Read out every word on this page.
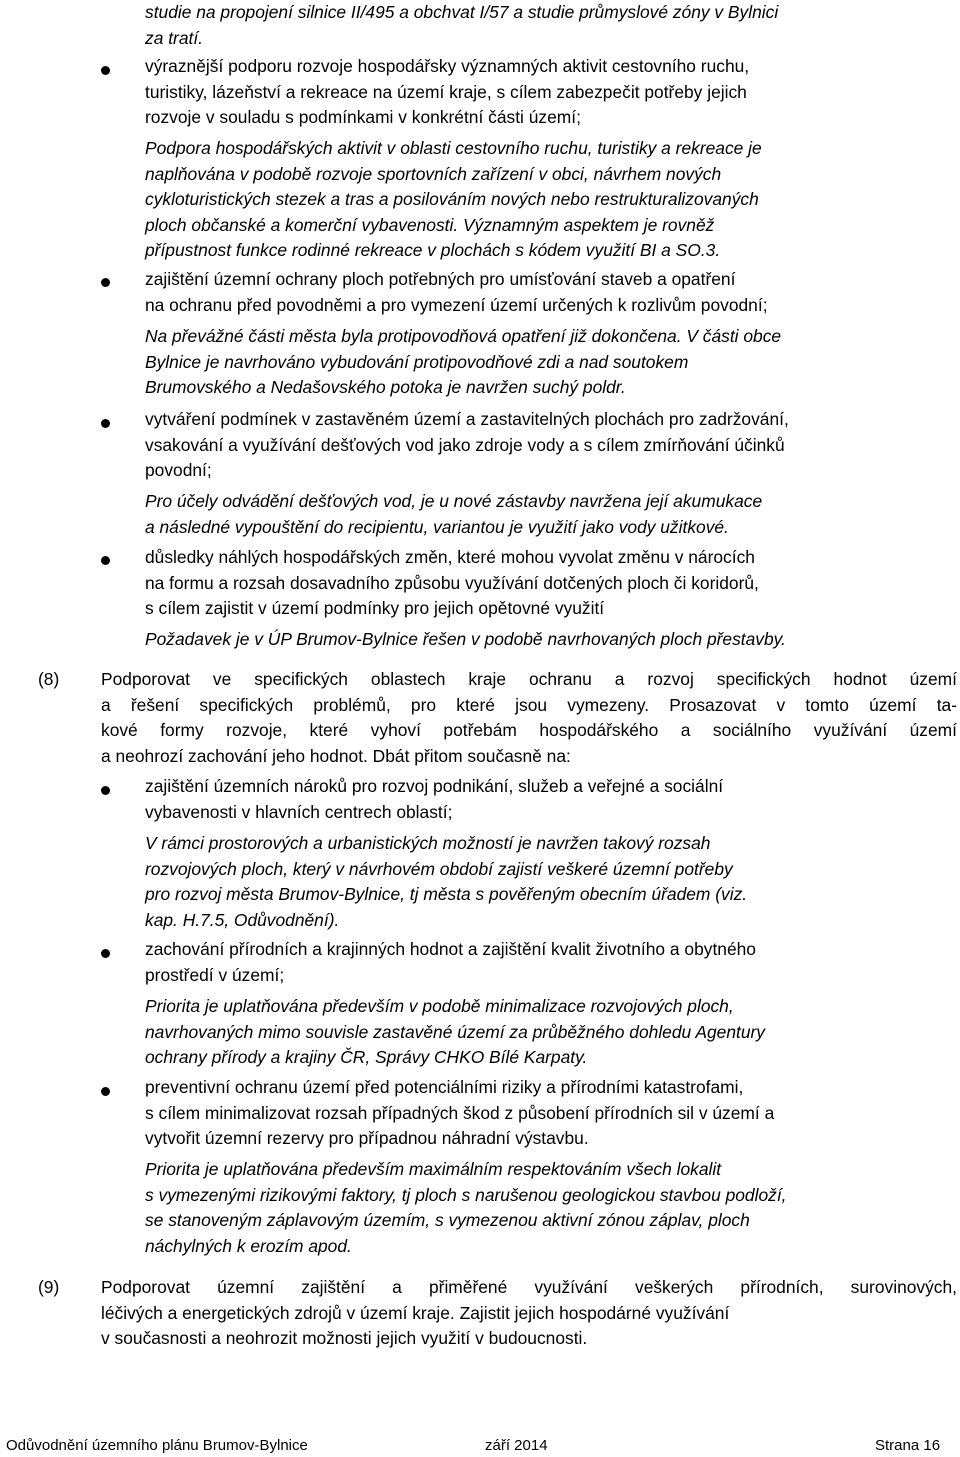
studie na propojení silnice II/495 a obchvat I/57 a studie průmyslové zóny v Bylnici
za tratí.
výraznější podporu rozvoje hospodářsky významných aktivit cestovního ruchu,
turistiky, lázeňství a rekreace na území kraje, s cílem zabezpečit potřeby jejich
rozvoje v souladu s podmínkami v konkrétní části území;
Podpora hospodářských aktivit v oblasti cestovního ruchu, turistiky a rekreace je
naplňována v podobě rozvoje sportovních zařízení v obci, návrhem nových
cykloturistických stezek a tras a posilováním nových nebo restrukturalizovaných
ploch občanské a komerční vybavenosti. Významným aspektem je rovněž
přípustnost funkce rodinné rekreace v plochách s kódem využití BI a SO.3.
zajištění územní ochrany ploch potřebných pro umísťování staveb a opatření
na ochranu před povodněmi a pro vymezení území určených k rozlivům povodní;
Na převážné části města byla protipovodňová opatření již dokončena. V části obce
Bylnice je navrhováno vybudování protipovodňové zdi a nad soutokem
Brumovského a Nedašovského potoka je navržen suchý poldr.
vytváření podmínek v zastavěném území a zastavitelných plochách pro zadržování,
vsakování a využívání dešťových vod jako zdroje vody a s cílem zmírňování účinků
povodní;
Pro účely odvádění dešťových vod, je u nové zástavby navržena její akumukace
a následné vypouštění do recipientu, variantou je využití jako vody užitkové.
důsledky náhlých hospodářských změn, které mohou vyvolat změnu v nárocích
na formu a rozsah dosavadního způsobu využívání dotčených ploch či koridorů,
s cílem zajistit v území podmínky pro jejich opětovné využití
Požadavek je v ÚP Brumov-Bylnice řešen v podobě navrhovaných ploch přestavby.
(8) Podporovat ve specifických oblastech kraje ochranu a rozvoj specifických hodnot území
a řešení specifických problémů, pro které jsou vymezeny. Prosazovat v tomto území ta-
kové formy rozvoje, které vyhoví potřebám hospodářského a sociálního využívání území
a neohrozí zachování jeho hodnot. Dbát přitom současně na:
zajištění územních nároků pro rozvoj podnikání, služeb a veřejné a sociální
vybavenosti v hlavních centrech oblastí;
V rámci prostorových a urbanistických možností je navržen takový rozsah
rozvojových ploch, který v návrhovém období zajistí veškeré územní potřeby
pro rozvoj města Brumov-Bylnice, tj města s pověřeným obecním úřadem (viz.
kap. H.7.5, Odůvodnění).
zachování přírodních a krajinných hodnot a zajištění kvalit životního a obytného
prostředí v území;
Priorita je uplatňována především v podobě minimalizace rozvojových ploch,
navrhovaných mimo souvisle zastavěné území za průběžného dohledu Agentury
ochrany přírody a krajiny ČR, Správy CHKO Bílé Karpaty.
preventivní ochranu území před potenciálními riziky a přírodními katastrofami,
s cílem minimalizovat rozsah případných škod z působení přírodních sil v území a
vytvořit územní rezervy pro případnou náhradní výstavbu.
Priorita je uplatňována především maximálním respektováním všech lokalit
s vymezenými rizikovými faktory, tj ploch s narušenou geologickou stavbou podloží,
se stanoveným záplavovým územím, s vymezenou aktivní zónou záplav, ploch
náchylných k erozím apod.
(9) Podporovat územní zajištění a přiměřené využívání veškerých přírodních, surovinových,
léčivých a energetických zdrojů v území kraje. Zajistit jejich hospodárné využívání
v současnosti a neohrozit možnosti jejich využití v budoucnosti.
Odůvodnění územního plánu Brumov-Bylnice	září 2014	Strana 16
